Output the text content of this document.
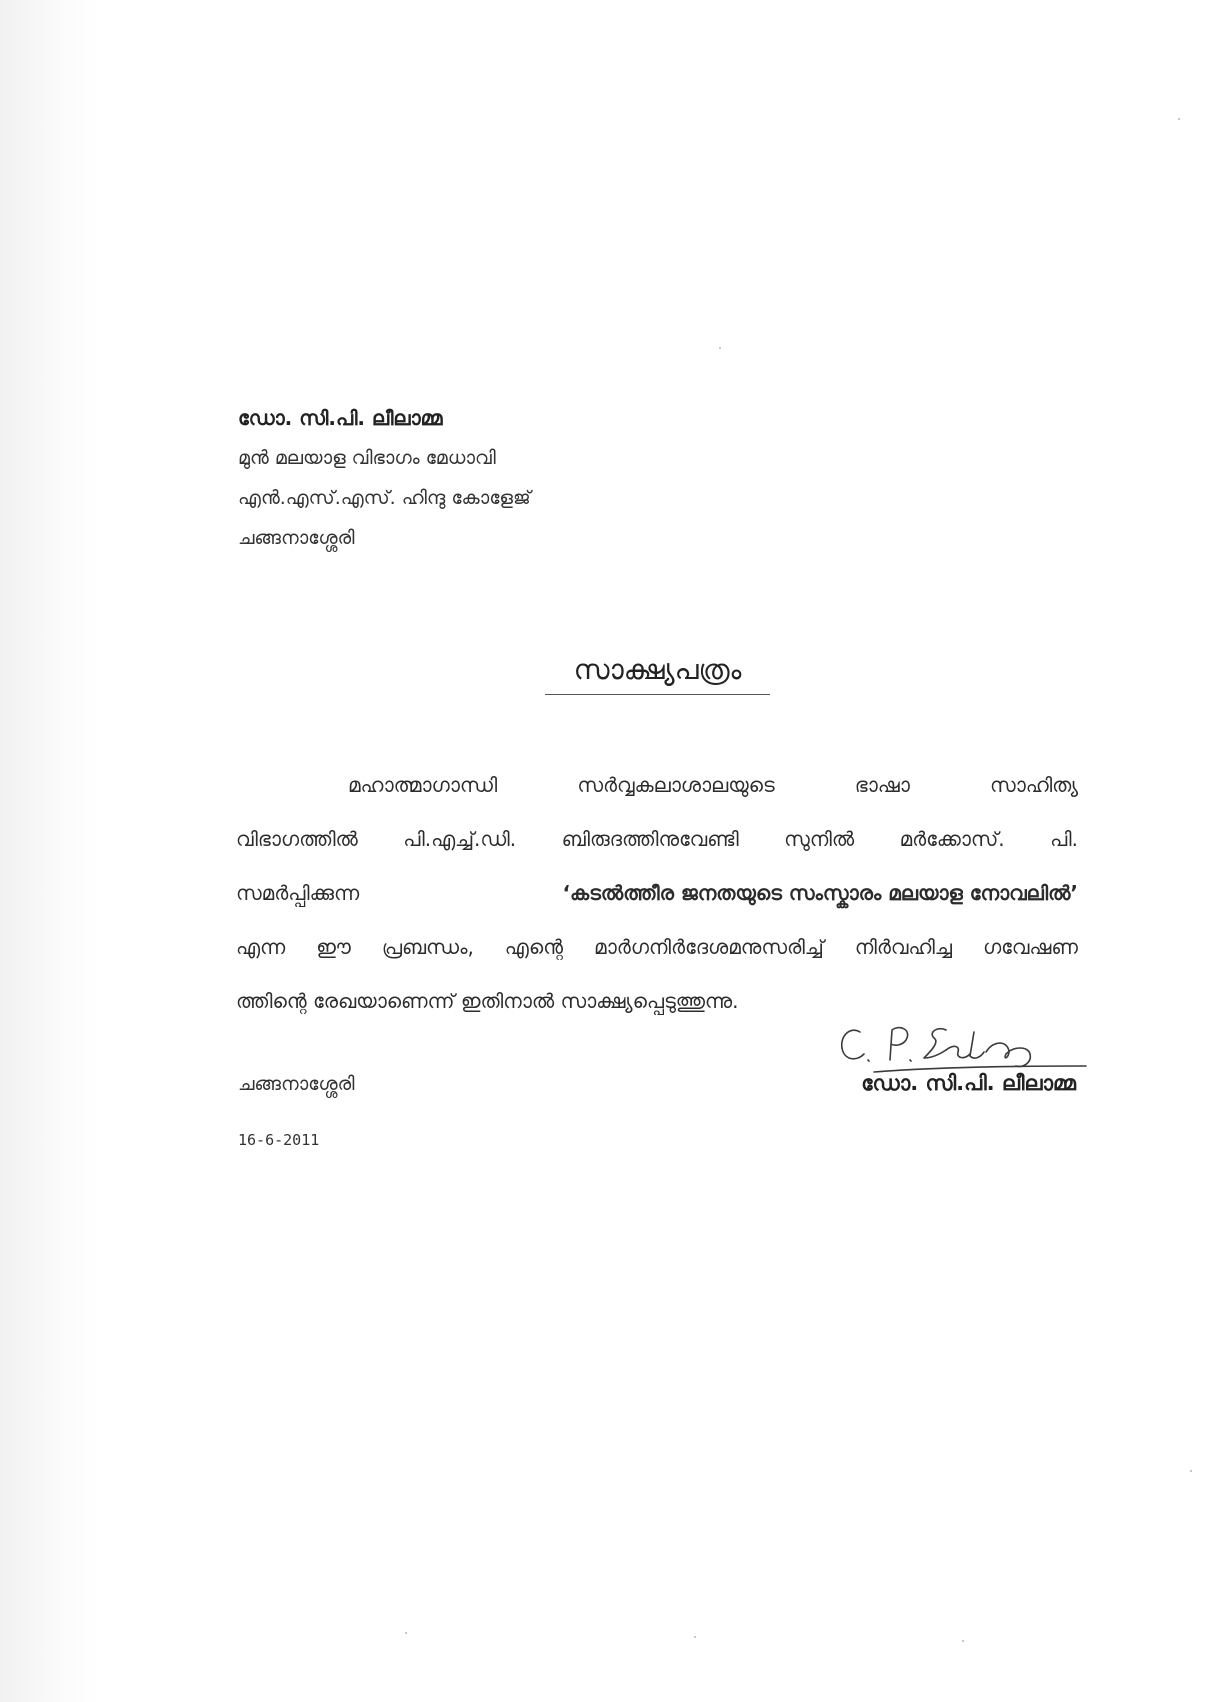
ഡോ. സി.പി. ലീലാമ്മ
മുൻ മലയാള വിഭാഗം മേധാവി
എൻ.എസ്.എസ്. ഹിന്ദു കോളേജ്
ചങ്ങനാശ്ശേരി
സാക്ഷ്യപത്രം
മഹാത്മാഗാന്ധി	സർവ്വകലാശാലയുടെ	ഭാഷാ	സാഹിത്യ
വിഭാഗത്തിൽ പി.എച്ച്.ഡി. ബിരുദത്തിനുവേണ്ടി സുനിൽ മർക്കോസ്. പി.
സമർപ്പിക്കുന്ന	‘കടൽത്തീര ജനതയുടെ സംസ്കാരം മലയാള നോവലിൽ’
എന്ന ഈ പ്രബന്ധം, എന്റെ മാർഗനിർദേശമനുസരിച്ച് നിർവഹിച്ച ഗവേഷണ
ത്തിന്റെ രേഖയാണെന്ന് ഇതിനാൽ സാക്ഷ്യപ്പെടുത്തുന്നു.
ചങ്ങനാശ്ശേരി	ഡോ. സി.പി. ലീലാമ്മ
16-6-2011
